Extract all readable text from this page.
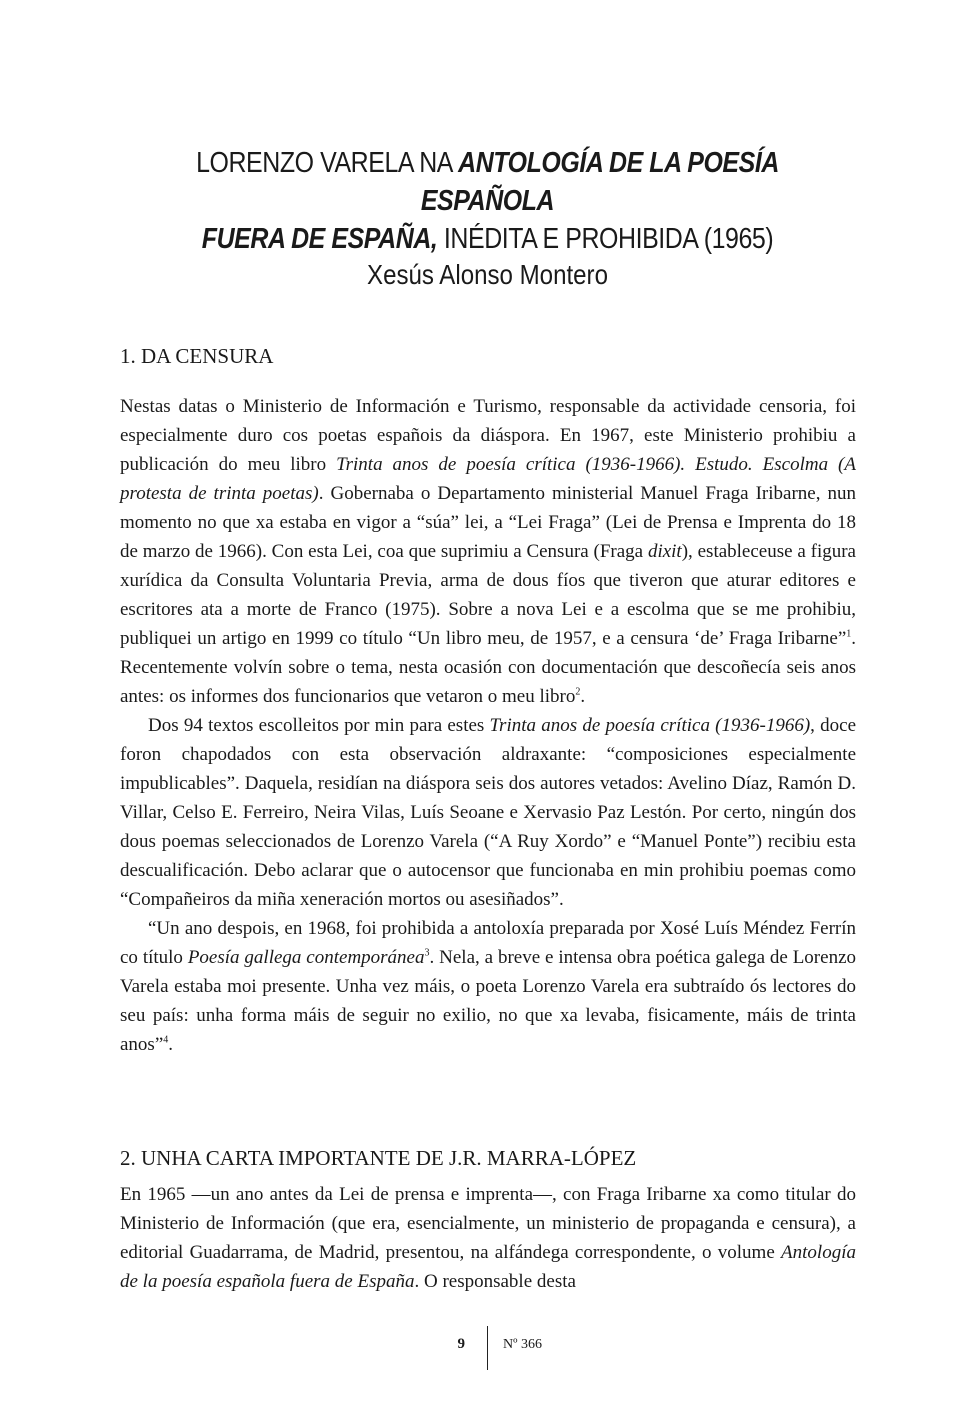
LORENZO VARELA NA ANTOLOGÍA DE LA POESÍA ESPAÑOLA
FUERA DE ESPAÑA, INÉDITA E PROHIBIDA (1965)
Xesús Alonso Montero
1. DA CENSURA

Nestas datas o Ministerio de Información e Turismo, responsable da actividade censoria, foi especialmente duro cos poetas españois da diáspora. En 1967, este Ministerio prohibiu a publicación do meu libro Trinta anos de poesía crítica (1936-1966). Estudo. Escolma (A protesta de trinta poetas). Gobernaba o Departamento ministerial Manuel Fraga Iribarne, nun momento no que xa estaba en vigor a “súa” lei, a “Lei Fraga” (Lei de Prensa e Imprenta do 18 de marzo de 1966). Con esta Lei, coa que suprimiu a Censura (Fraga dixit), estableceuse a figura xurídica da Consulta Voluntaria Previa, arma de dous fíos que tiveron que aturar editores e escritores ata a morte de Franco (1975). Sobre a nova Lei e a escolma que se me prohibiu, publiquei un artigo en 1999 co título “Un libro meu, de 1957, e a censura ‘de’ Fraga Iribarne”$^1$. Recentemente volvín sobre o tema, nesta ocasión con documentación que descoñecía seis anos antes: os informes dos funcionarios que vetaron o meu libro$^2$.

Dos 94 textos escolleitos por min para estes Trinta anos de poesía crítica (1936-1966), doce foron chapodados con esta observación aldraxante: “composiciones especialmente impublicables”. Daquela, residían na diáspora seis dos autores vetados: Avelino Díaz, Ramón D. Villar, Celso E. Ferreiro, Neira Vilas, Luís Seoane e Xervasio Paz Lestón. Por certo, ningún dos dous poemas seleccionados de Lorenzo Varela (“A Ruy Xordo” e “Manuel Ponte”) recibiu esta descualificación. Debo aclarar que o autocensor que funcionaba en min prohibiu poemas como “Compañeiros da miña xeneración mortos ou asesiñados”.

“Un ano despois, en 1968, foi prohibida a antoloxía preparada por Xosé Luís Méndez Ferrín co título Poesía gallega contemporánea$^3$. Nela, a breve e intensa obra poética galega de Lorenzo Varela estaba moi presente. Unha vez máis, o poeta Lorenzo Varela era subtraído ós lectores do seu país: unha forma máis de seguir no exilio, no que xa levaba, fisicamente, máis de trinta anos”$^4$.

2. UNHA CARTA IMPORTANTE DE J.R. MARRA-LÓPEZ

En 1965 —un ano antes da Lei de prensa e imprenta—, con Fraga Iribarne xa como titular do Ministerio de Información (que era, esencialmente, un ministerio de propaganda e censura), a editorial Guadarrama, de Madrid, presentou, na alfándega correspondente, o volume Antología de la poesía española fuera de España. O responsable desta

9	Nº 366
